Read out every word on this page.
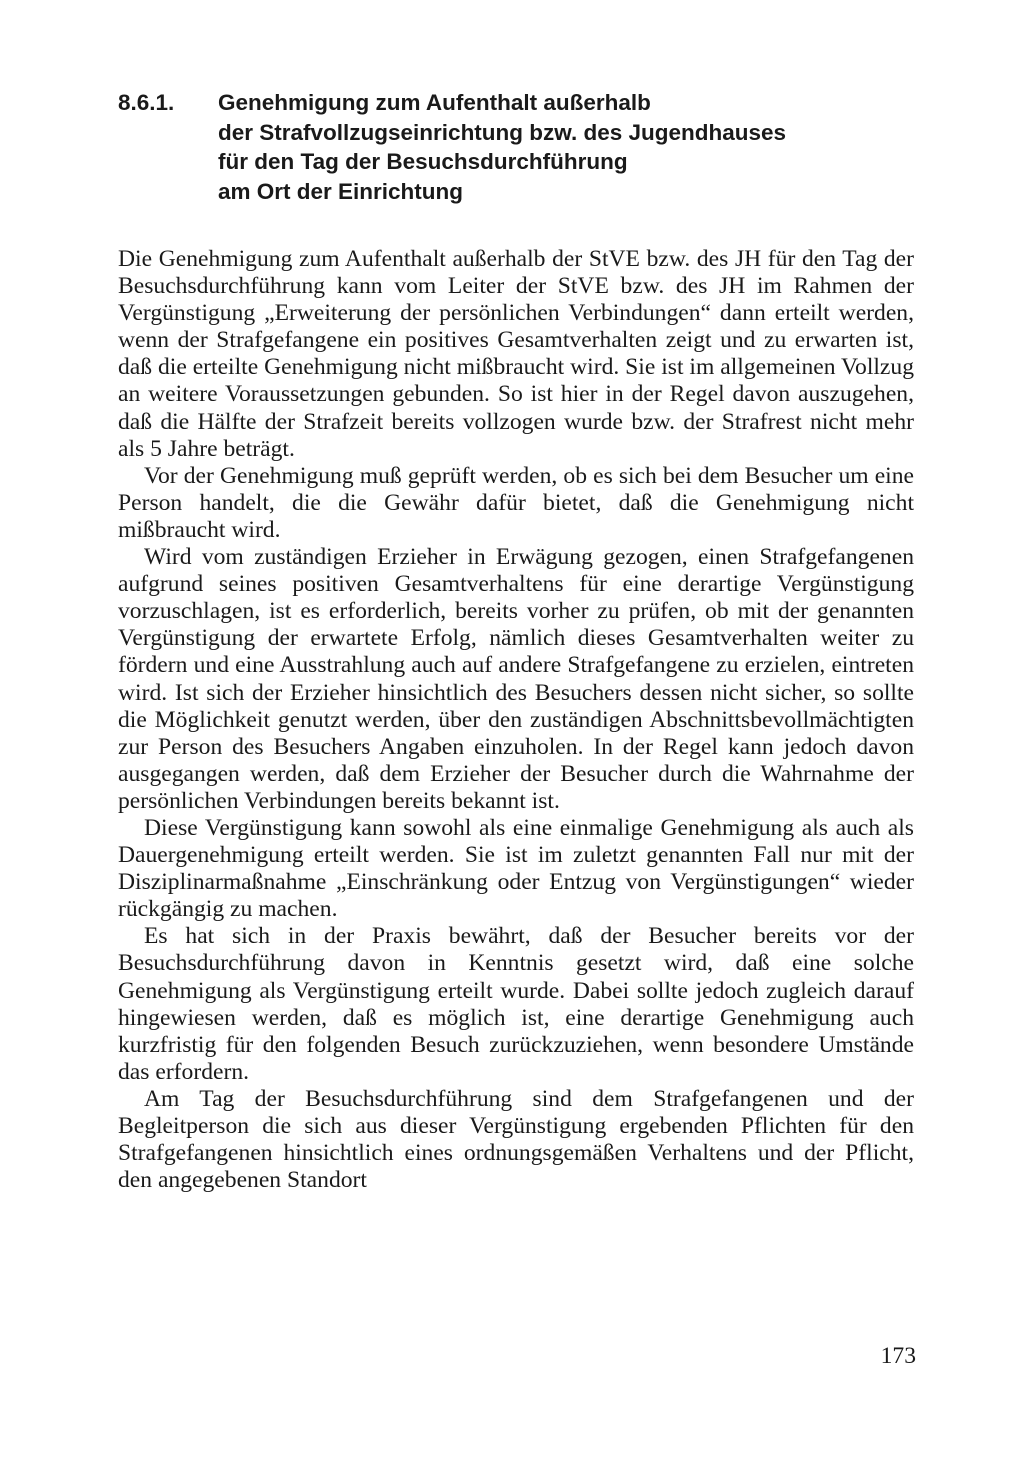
8.6.1.	Genehmigung zum Aufenthalt außerhalb
der Strafvollzugseinrichtung bzw. des Jugendhauses
für den Tag der Besuchsdurchführung
am Ort der Einrichtung

Die Genehmigung zum Aufenthalt außerhalb der StVE bzw. des JH für den Tag der Besuchsdurchführung kann vom Leiter der StVE bzw. des JH im Rahmen der Vergünstigung „Erweiterung der persönlichen Verbindungen“ dann erteilt werden, wenn der Strafgefangene ein positives Gesamtverhalten zeigt und zu erwarten ist, daß die erteilte Genehmigung nicht mißbraucht wird. Sie ist im allgemeinen Vollzug an weitere Voraussetzungen gebunden. So ist hier in der Regel davon auszugehen, daß die Hälfte der Strafzeit bereits vollzogen wurde bzw. der Strafrest nicht mehr als 5 Jahre beträgt.

Vor der Genehmigung muß geprüft werden, ob es sich bei dem Besucher um eine Person handelt, die die Gewähr dafür bietet, daß die Genehmigung nicht mißbraucht wird.

Wird vom zuständigen Erzieher in Erwägung gezogen, einen Strafgefangenen aufgrund seines positiven Gesamtverhaltens für eine derartige Vergünstigung vorzuschlagen, ist es erforderlich, bereits vorher zu prüfen, ob mit der genannten Vergünstigung der erwartete Erfolg, nämlich dieses Gesamtverhalten weiter zu fördern und eine Ausstrahlung auch auf andere Strafgefangene zu erzielen, eintreten wird. Ist sich der Erzieher hinsichtlich des Besuchers dessen nicht sicher, so sollte die Möglichkeit genutzt werden, über den zuständigen Abschnittsbevollmächtigten zur Person des Besuchers Angaben einzuholen. In der Regel kann jedoch davon ausgegangen werden, daß dem Erzieher der Besucher durch die Wahrnahme der persönlichen Verbindungen bereits bekannt ist.

Diese Vergünstigung kann sowohl als eine einmalige Genehmigung als auch als Dauergenehmigung erteilt werden. Sie ist im zuletzt genannten Fall nur mit der Disziplinarmaßnahme „Einschränkung oder Entzug von Vergünstigungen“ wieder rückgängig zu machen.

Es hat sich in der Praxis bewährt, daß der Besucher bereits vor der Besuchsdurchführung davon in Kenntnis gesetzt wird, daß eine solche Genehmigung als Vergünstigung erteilt wurde. Dabei sollte jedoch zugleich darauf hingewiesen werden, daß es möglich ist, eine derartige Genehmigung auch kurzfristig für den folgenden Besuch zurückzuziehen, wenn besondere Umstände das erfordern.

Am Tag der Besuchsdurchführung sind dem Strafgefangenen und der Begleitperson die sich aus dieser Vergünstigung ergebenden Pflichten für den Strafgefangenen hinsichtlich eines ordnungsgemäßen Verhaltens und der Pflicht, den angegebenen Standort

173
